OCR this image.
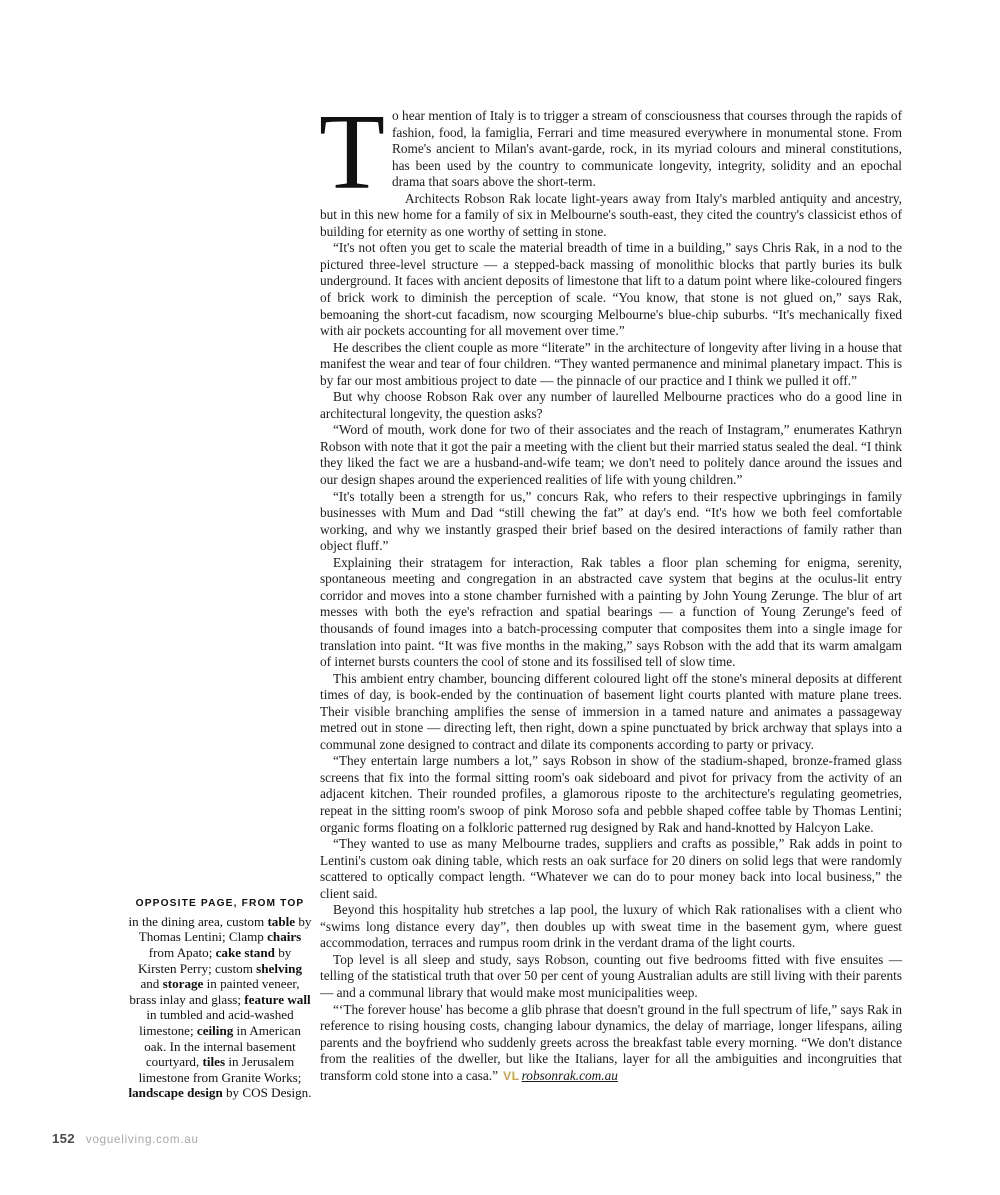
OPPOSITE PAGE, FROM TOP
in the dining area, custom table by Thomas Lentini; Clamp chairs from Apato; cake stand by Kirsten Perry; custom shelving and storage in painted veneer, brass inlay and glass; feature wall in tumbled and acid-washed limestone; ceiling in American oak. In the internal basement courtyard, tiles in Jerusalem limestone from Granite Works; landscape design by COS Design.
T o hear mention of Italy is to trigger a stream of consciousness that courses through the rapids of fashion, food, la famiglia, Ferrari and time measured everywhere in monumental stone. From Rome's ancient to Milan's avant-garde, rock, in its myriad colours and mineral constitutions, has been used by the country to communicate longevity, integrity, solidity and an epochal drama that soars above the short-term.

Architects Robson Rak locate light-years away from Italy's marbled antiquity and ancestry, but in this new home for a family of six in Melbourne's south-east, they cited the country's classicist ethos of building for eternity as one worthy of setting in stone.

“It's not often you get to scale the material breadth of time in a building,” says Chris Rak, in a nod to the pictured three-level structure — a stepped-back massing of monolithic blocks that partly buries its bulk underground. It faces with ancient deposits of limestone that lift to a datum point where like-coloured fingers of brick work to diminish the perception of scale. “You know, that stone is not glued on,” says Rak, bemoaning the short-cut facadism, now scourging Melbourne's blue-chip suburbs. “It's mechanically fixed with air pockets accounting for all movement over time.”

He describes the client couple as more “literate” in the architecture of longevity after living in a house that manifest the wear and tear of four children. “They wanted permanence and minimal planetary impact. This is by far our most ambitious project to date — the pinnacle of our practice and I think we pulled it off.”

But why choose Robson Rak over any number of laurelled Melbourne practices who do a good line in architectural longevity, the question asks?

“Word of mouth, work done for two of their associates and the reach of Instagram,” enumerates Kathryn Robson with note that it got the pair a meeting with the client but their married status sealed the deal. “I think they liked the fact we are a husband-and-wife team; we don't need to politely dance around the issues and our design shapes around the experienced realities of life with young children.”

“It's totally been a strength for us,” concurs Rak, who refers to their respective upbringings in family businesses with Mum and Dad “still chewing the fat” at day's end. “It's how we both feel comfortable working, and why we instantly grasped their brief based on the desired interactions of family rather than object fluff.”

Explaining their stratagem for interaction, Rak tables a floor plan scheming for enigma, serenity, spontaneous meeting and congregation in an abstracted cave system that begins at the oculus-lit entry corridor and moves into a stone chamber furnished with a painting by John Young Zerunge. The blur of art messes with both the eye's refraction and spatial bearings — a function of Young Zerunge's feed of thousands of found images into a batch-processing computer that composites them into a single image for translation into paint. “It was five months in the making,” says Robson with the add that its warm amalgam of internet bursts counters the cool of stone and its fossilised tell of slow time.

This ambient entry chamber, bouncing different coloured light off the stone's mineral deposits at different times of day, is book-ended by the continuation of basement light courts planted with mature plane trees. Their visible branching amplifies the sense of immersion in a tamed nature and animates a passageway metred out in stone — directing left, then right, down a spine punctuated by brick archway that splays into a communal zone designed to contract and dilate its components according to party or privacy.

“They entertain large numbers a lot,” says Robson in show of the stadium-shaped, bronze-framed glass screens that fix into the formal sitting room's oak sideboard and pivot for privacy from the activity of an adjacent kitchen. Their rounded profiles, a glamorous riposte to the architecture's regulating geometries, repeat in the sitting room's swoop of pink Moroso sofa and pebble shaped coffee table by Thomas Lentini; organic forms floating on a folkloric patterned rug designed by Rak and hand-knotted by Halcyon Lake.

“They wanted to use as many Melbourne trades, suppliers and crafts as possible,” Rak adds in point to Lentini's custom oak dining table, which rests an oak surface for 20 diners on solid legs that were randomly scattered to optically compact length. “Whatever we can do to pour money back into local business,” the client said.

Beyond this hospitality hub stretches a lap pool, the luxury of which Rak rationalises with a client who “swims long distance every day”, then doubles up with sweat time in the basement gym, where guest accommodation, terraces and rumpus room drink in the verdant drama of the light courts.

Top level is all sleep and study, says Robson, counting out five bedrooms fitted with five ensuites — telling of the statistical truth that over 50 per cent of young Australian adults are still living with their parents — and a communal library that would make most municipalities weep.

“‘The forever house' has become a glib phrase that doesn't ground in the full spectrum of life,” says Rak in reference to rising housing costs, changing labour dynamics, the delay of marriage, longer lifespans, ailing parents and the boyfriend who suddenly greets across the breakfast table every morning. “We don't distance from the realities of the dweller, but like the Italians, layer for all the ambiguities and incongruities that transform cold stone into a casa.” VL robsonrak.com.au

152 vogueliving.com.au
